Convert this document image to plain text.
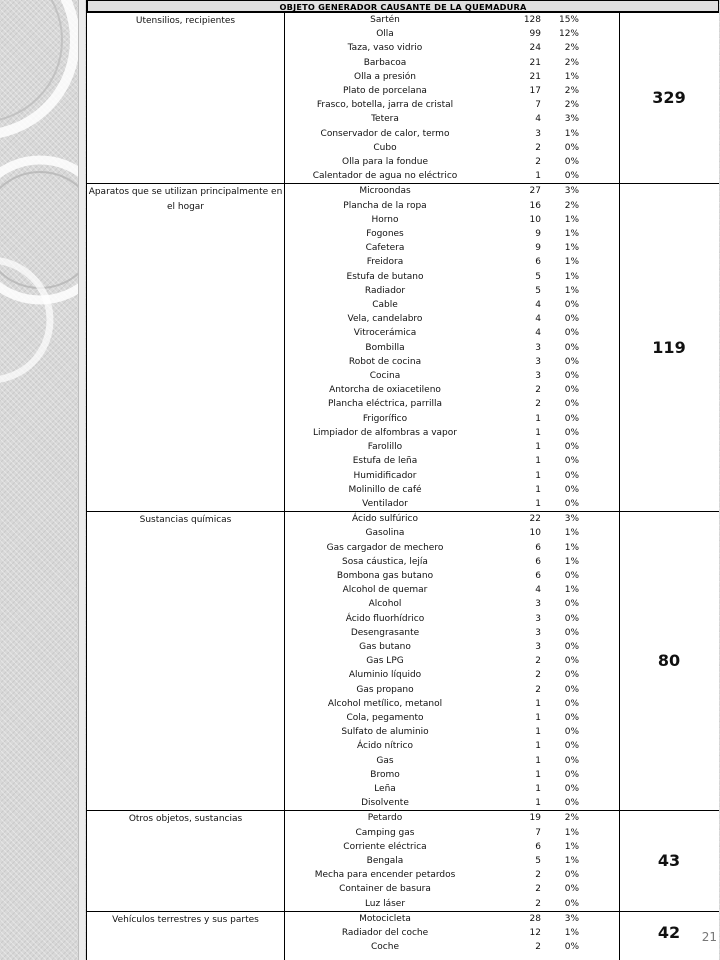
OBJETO GENERADOR CAUSANTE DE LA QUEMADURA
Utensilios, recipientes	Sartén	128	15%	329
	Olla	99	12%	
	Taza, vaso vidrio	24	2%	
	Barbacoa	21	2%	
	Olla a presión	21	1%	
	Plato de porcelana	17	2%	
	Frasco, botella, jarra de cristal	7	2%	
	Tetera	4	3%	
	Conservador de calor, termo	3	1%	
	Cubo	2	0%	
	Olla para la fondue	2	0%	
	Calentador de agua no eléctrico	1	0%	
Aparatos que se utilizan principalmente en el hogar	Microondas	27	3%	119
	Plancha de la ropa	16	2%	
	Horno	10	1%	
	Fogones	9	1%	
	Cafetera	9	1%	
	Freidora	6	1%	
	Estufa de butano	5	1%	
	Radiador	5	1%	
	Cable	4	0%	
	Vela, candelabro	4	0%	
	Vitrocerámica	4	0%	
	Bombilla	3	0%	
	Robot de cocina	3	0%	
	Cocina	3	0%	
	Antorcha de oxiacetileno	2	0%	
	Plancha eléctrica, parrilla	2	0%	
	Frigorífico	1	0%	
	Limpiador de alfombras a vapor	1	0%	
	Farolillo	1	0%	
	Estufa de leña	1	0%	
	Humidificador	1	0%	
	Molinillo de café	1	0%	
	Ventilador	1	0%	
Sustancias químicas	Ácido sulfúrico	22	3%	80
	Gasolina	10	1%	
	Gas cargador de mechero	6	1%	
	Sosa cáustica, lejía	6	1%	
	Bombona gas butano	6	0%	
	Alcohol de quemar	4	1%	
	Alcohol	3	0%	
	Ácido fluorhídrico	3	0%	
	Desengrasante	3	0%	
	Gas butano	3	0%	
	Gas LPG	2	0%	
	Aluminio líquido	2	0%	
	Gas propano	2	0%	
	Alcohol metílico, metanol	1	0%	
	Cola, pegamento	1	0%	
	Sulfato de aluminio	1	0%	
	Ácido nítrico	1	0%	
	Gas	1	0%	
	Bromo	1	0%	
	Leña	1	0%	
	Disolvente	1	0%	
Otros objetos, sustancias	Petardo	19	2%	43
	Camping gas	7	1%	
	Corriente eléctrica	6	1%	
	Bengala	5	1%	
	Mecha para encender petardos	2	0%	
	Container de basura	2	0%	
	Luz láser	2	0%	
Vehículos terrestres y sus partes	Motocicleta	28	3%	42
	Radiador del coche	12	1%	
	Coche	2	0%	
21
